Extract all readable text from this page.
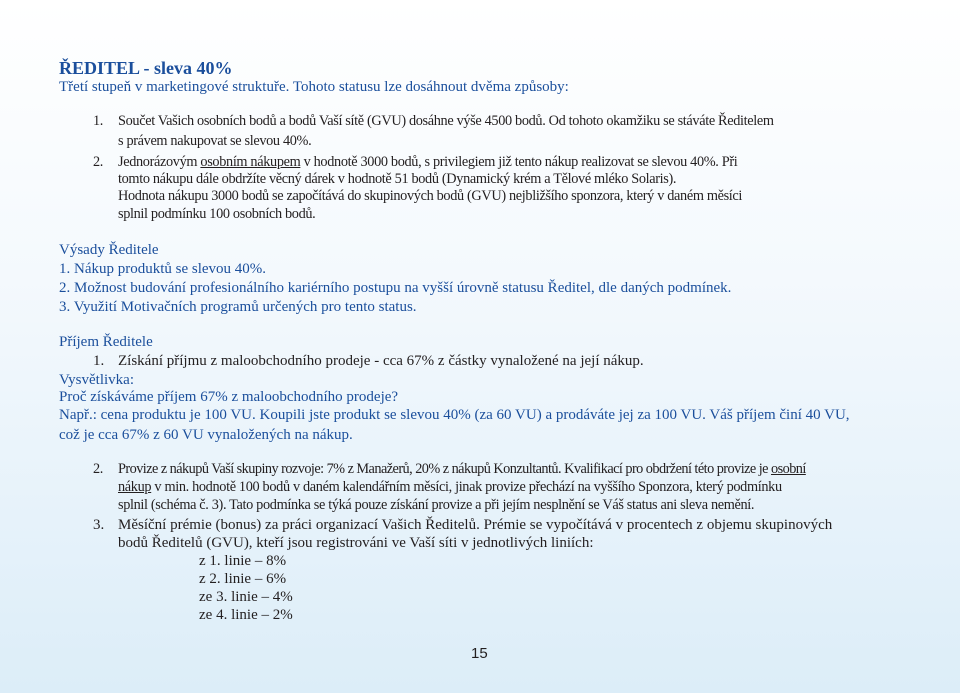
ŘEDITEL - sleva 40%
Třetí stupeň v marketingové struktuře. Tohoto statusu lze dosáhnout dvěma způsoby:
1. Součet Vašich osobních bodů a bodů Vaší sítě (GVU) dosáhne výše 4500 bodů. Od tohoto okamžiku se stáváte Ředitelem
s právem nakupovat se slevou 40%.
2. Jednorázovým osobním nákupem v hodnotě 3000 bodů, s privilegiem již tento nákup realizovat se slevou 40%. Při
tomto nákupu dále obdržíte věcný dárek v hodnotě 51 bodů (Dynamický krém a Tělové mléko Solaris).
Hodnota nákupu 3000 bodů se započítává do skupinových bodů (GVU) nejbližšího sponzora, který v daném měsíci
splnil podmínku 100 osobních bodů.
Výsady Ředitele
1. Nákup produktů se slevou 40%.
2. Možnost budování profesionálního kariérního postupu na vyšší úrovně statusu Ředitel, dle daných podmínek.
3. Využití Motivačních programů určených pro tento status.
Příjem Ředitele
1. Získání příjmu z maloobchodního prodeje - cca 67% z částky vynaložené na její nákup.
Vysvětlivka:
Proč získáváme příjem 67% z maloobchodního prodeje?
Např.: cena produktu je 100 VU. Koupili jste produkt se slevou 40% (za 60 VU) a prodáváte jej za 100 VU. Váš příjem činí 40 VU,
což je cca 67% z 60 VU vynaložených na nákup.
2. Provize z nákupů Vaší skupiny rozvoje: 7% z Manažerů, 20% z nákupů Konzultantů. Kvalifikací pro obdržení této provize je osobní
nákup v min. hodnotě 100 bodů v daném kalendářním měsíci, jinak provize přechází na vyššího Sponzora, který podmínku
splnil (schéma č. 3). Tato podmínka se týká pouze získání provize a při jejím nesplnění se Váš status ani sleva nemění.
3. Měsíční prémie (bonus) za práci organizací Vašich Ředitelů. Prémie se vypočítává v procentech z objemu skupinových
bodů Ředitelů (GVU), kteří jsou registrováni ve Vaší síti v jednotlivých liniích:
z 1. linie – 8%
z 2. linie – 6%
ze 3. linie – 4%
ze 4. linie – 2%
15
